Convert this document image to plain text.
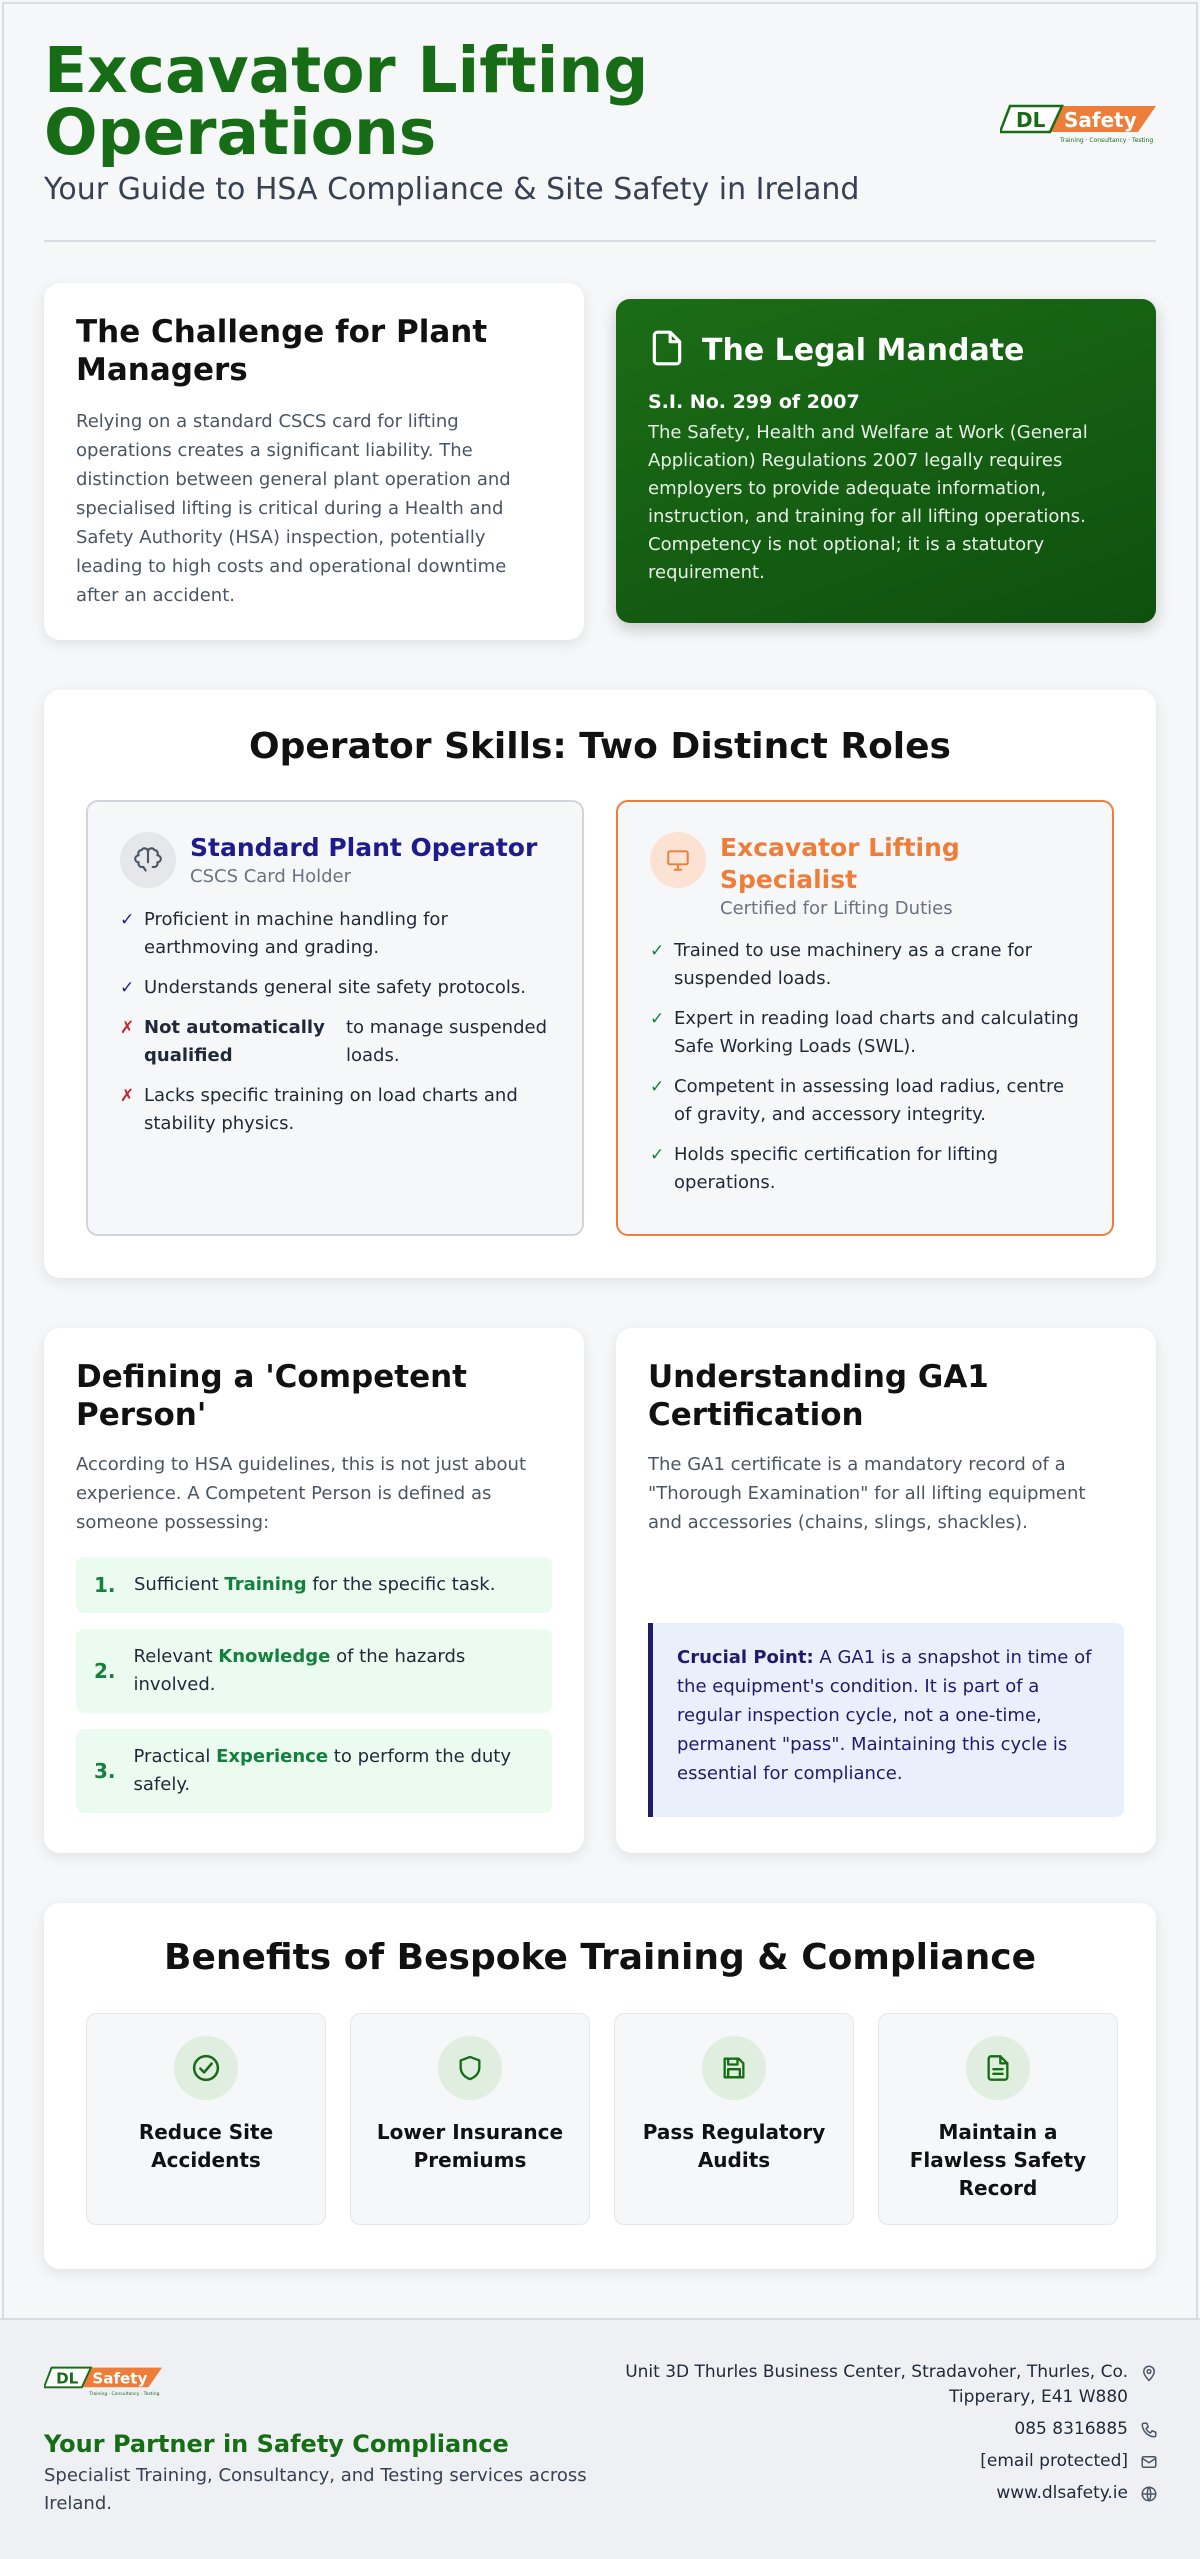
Excavator Lifting Operations
Your Guide to HSA Compliance & Site Safety in Ireland
DL Safety
Training · Consultancy · Testing
The Challenge for Plant Managers

Relying on a standard CSCS card for lifting operations creates a significant liability. The distinction between general plant operation and specialised lifting is critical during a Health and Safety Authority (HSA) inspection, potentially leading to high costs and operational downtime after an accident.

The Legal Mandate
S.I. No. 299 of 2007

The Safety, Health and Welfare at Work (General Application) Regulations 2007 legally requires employers to provide adequate information, instruction, and training for all lifting operations. Competency is not optional; it is a statutory requirement.

Operator Skills: Two Distinct Roles
Standard Plant Operator
CSCS Card Holder
✓ Proficient in machine handling for earthmoving and grading.
✓ Understands general site safety protocols.
✗ Not automatically qualified
to manage suspended loads.
✗ Lacks specific training on load charts and stability physics.
Excavator Lifting Specialist
Certified for Lifting Duties
✓ Trained to use machinery as a crane for suspended loads.
✓ Expert in reading load charts and calculating Safe Working Loads (SWL).
✓ Competent in assessing load radius, centre of gravity, and accessory integrity.
✓ Holds specific certification for lifting operations.
Defining a 'Competent Person'

According to HSA guidelines, this is not just about experience. A Competent Person is defined as someone possessing:

1. Sufficient Training for the specific task.
2.
Relevant Knowledge of the hazards involved.
3.
Practical Experience to perform the duty safely.
Understanding GA1 Certification

The GA1 certificate is a mandatory record of a "Thorough Examination" for all lifting equipment and accessories (chains, slings, shackles).

Crucial Point: A GA1 is a snapshot in time of the equipment's condition. It is part of a regular inspection cycle, not a one-time, permanent "pass". Maintaining this cycle is essential for compliance.
Benefits of Bespoke Training & Compliance
Reduce Site Accidents
Lower Insurance Premiums
Pass Regulatory Audits
Maintain a Flawless Safety Record
DL Safety
Training · Consultancy · Testing
Your Partner in Safety Compliance
Specialist Training, Consultancy, and Testing services across Ireland.
Unit 3D Thurles Business Center, Stradavoher, Thurles, Co.
Tipperary, E41 W880
085 8316885
[email protected]
www.dlsafety.ie
